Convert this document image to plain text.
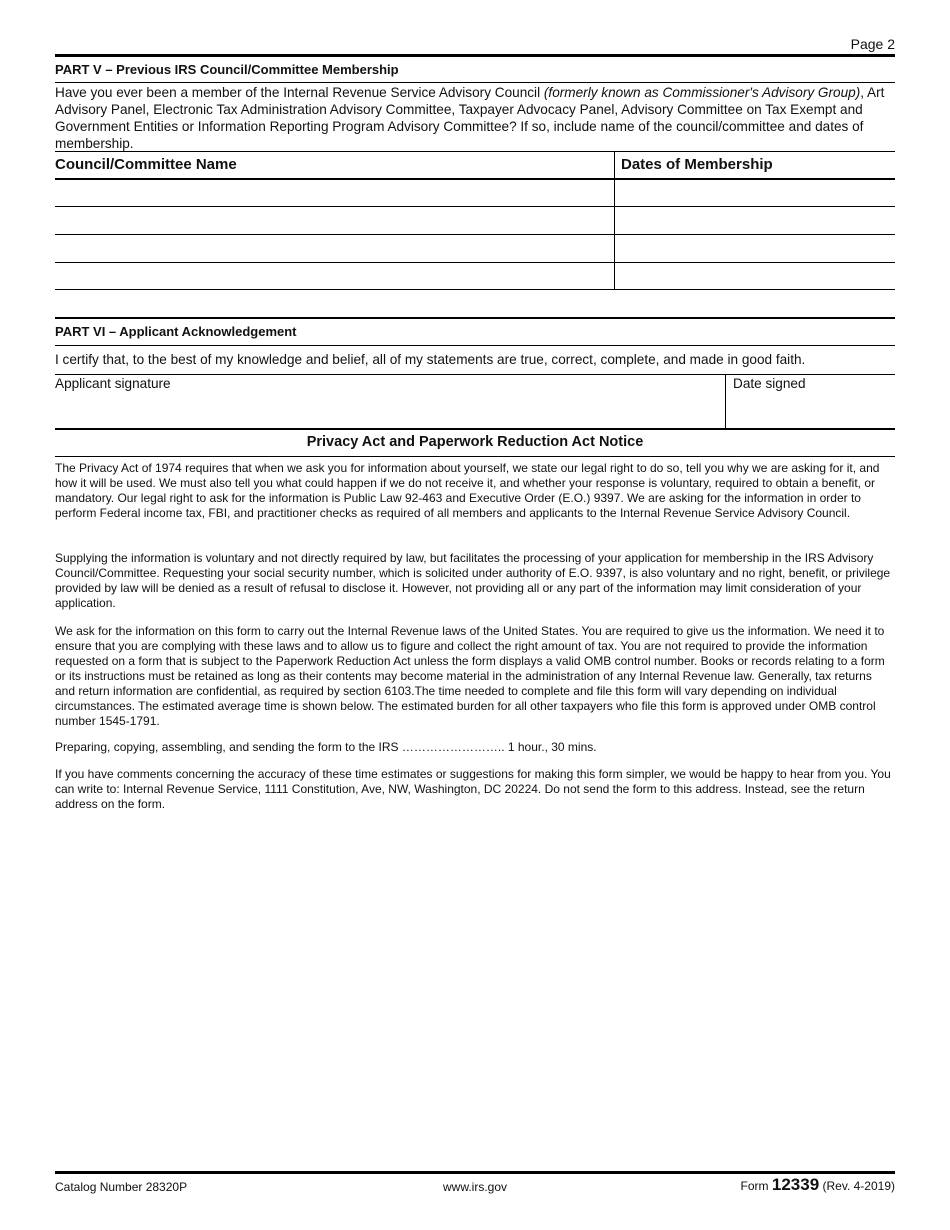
Page 2
PART V – Previous IRS Council/Committee Membership

Have you ever been a member of the Internal Revenue Service Advisory Council (formerly known as Commissioner's Advisory Group), Art Advisory Panel, Electronic Tax Administration Advisory Committee, Taxpayer Advocacy Panel, Advisory Committee on Tax Exempt and Government Entities or Information Reporting Program Advisory Committee? If so, include name of the council/committee and dates of membership.

Council/Committee Name	Dates of Membership
PART VI – Applicant Acknowledgement
I certify that, to the best of my knowledge and belief, all of my statements are true, correct, complete, and made in good faith.
Applicant signature	Date signed
Privacy Act and Paperwork Reduction Act Notice

The Privacy Act of 1974 requires that when we ask you for information about yourself, we state our legal right to do so, tell you why we are asking for it, and how it will be used. We must also tell you what could happen if we do not receive it, and whether your response is voluntary, required to obtain a benefit, or mandatory. Our legal right to ask for the information is Public Law 92-463 and Executive Order (E.O.) 9397. We are asking for the information in order to perform Federal income tax, FBI, and practitioner checks as required of all members and applicants to the Internal Revenue Service Advisory Council.

Supplying the information is voluntary and not directly required by law, but facilitates the processing of your application for membership in the IRS Advisory Council/Committee. Requesting your social security number, which is solicited under authority of E.O. 9397, is also voluntary and no right, benefit, or privilege provided by law will be denied as a result of refusal to disclose it. However, not providing all or any part of the information may limit consideration of your application.

We ask for the information on this form to carry out the Internal Revenue laws of the United States. You are required to give us the information. We need it to ensure that you are complying with these laws and to allow us to figure and collect the right amount of tax. You are not required to provide the information requested on a form that is subject to the Paperwork Reduction Act unless the form displays a valid OMB control number. Books or records relating to a form or its instructions must be retained as long as their contents may become material in the administration of any Internal Revenue law. Generally, tax returns and return information are confidential, as required by section 6103.The time needed to complete and file this form will vary depending on individual circumstances. The estimated average time is shown below. The estimated burden for all other taxpayers who file this form is approved under OMB control number 1545-1791.

Preparing, copying, assembling, and sending the form to the IRS …………………….. 1 hour., 30 mins.

If you have comments concerning the accuracy of these time estimates or suggestions for making this form simpler, we would be happy to hear from you. You can write to: Internal Revenue Service, 1111 Constitution, Ave, NW, Washington, DC 20224. Do not send the form to this address. Instead, see the return address on the form.

Catalog Number 28320P	www.irs.gov	Form 12339 (Rev. 4-2019)
